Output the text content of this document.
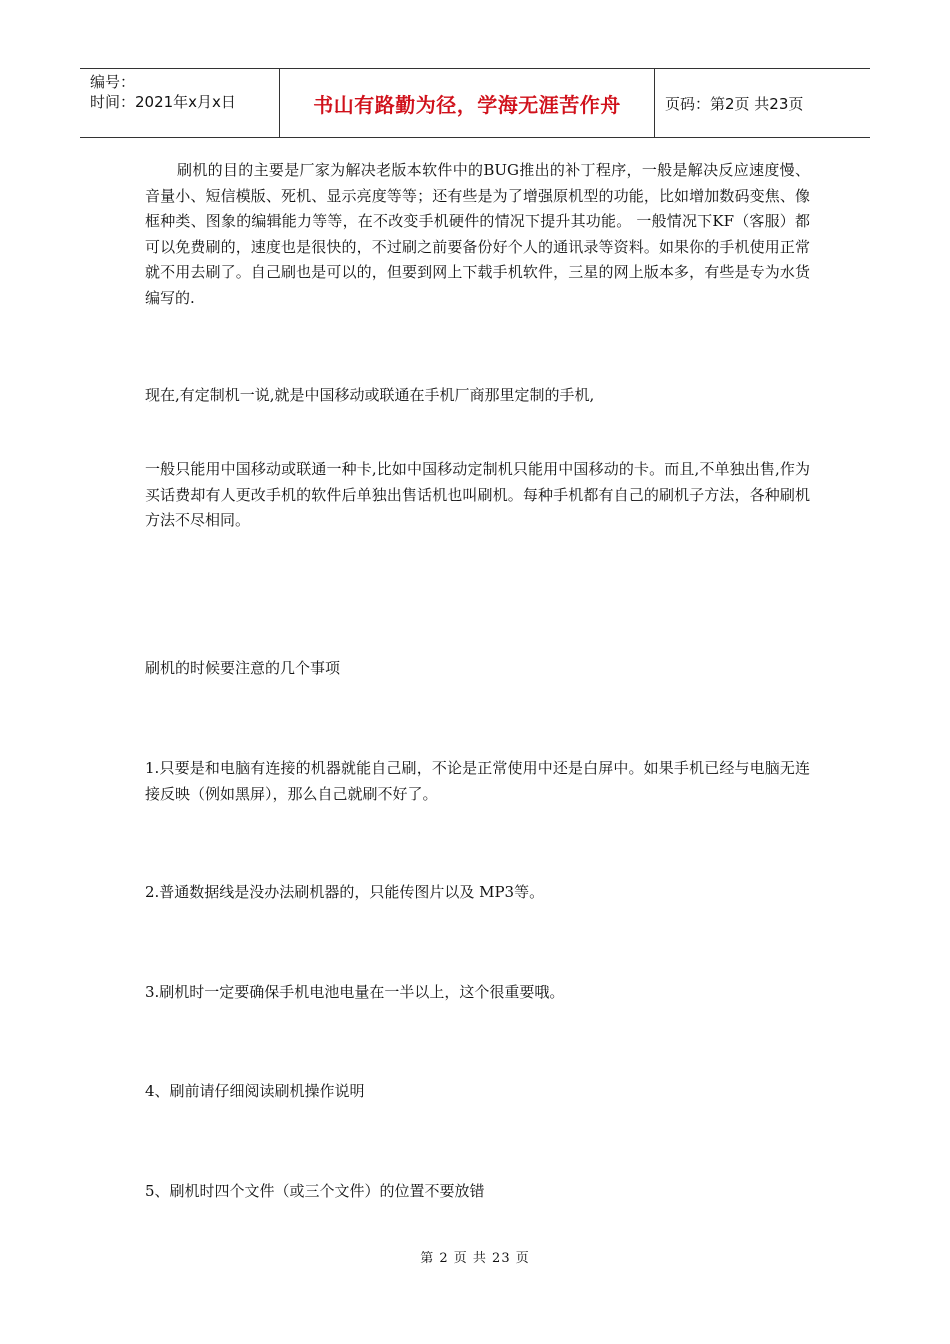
编号：
时间：2021年x月x日	书山有路勤为径，学海无涯苦作舟	页码：第2页 共23页
刷机的目的主要是厂家为解决老版本软件中的BUG推出的补丁程序，一般是解决反应速度慢、音量小、短信模版、死机、显示亮度等等；还有些是为了增强原机型的功能，比如增加数码变焦、像框种类、图象的编辑能力等等，在不改变手机硬件的情况下提升其功能。 一般情况下KF（客服）都可以免费刷的，速度也是很快的，不过刷之前要备份好个人的通讯录等资料。如果你的手机使用正常就不用去刷了。自己刷也是可以的，但要到网上下载手机软件，三星的网上版本多，有些是专为水货编写的.
现在,有定制机一说,就是中国移动或联通在手机厂商那里定制的手机,
一般只能用中国移动或联通一种卡,比如中国移动定制机只能用中国移动的卡。而且,不单独出售,作为买话费却有人更改手机的软件后单独出售话机也叫刷机。每种手机都有自己的刷机子方法，各种刷机方法不尽相同。
刷机的时候要注意的几个事项
1.只要是和电脑有连接的机器就能自己刷，不论是正常使用中还是白屏中。如果手机已经与电脑无连接反映（例如黑屏），那么自己就刷不好了。
2.普通数据线是没办法刷机器的，只能传图片以及 MP3等。
3.刷机时一定要确保手机电池电量在一半以上，这个很重要哦。
4、刷前请仔细阅读刷机操作说明
5、刷机时四个文件（或三个文件）的位置不要放错
第 2 页 共 23 页
